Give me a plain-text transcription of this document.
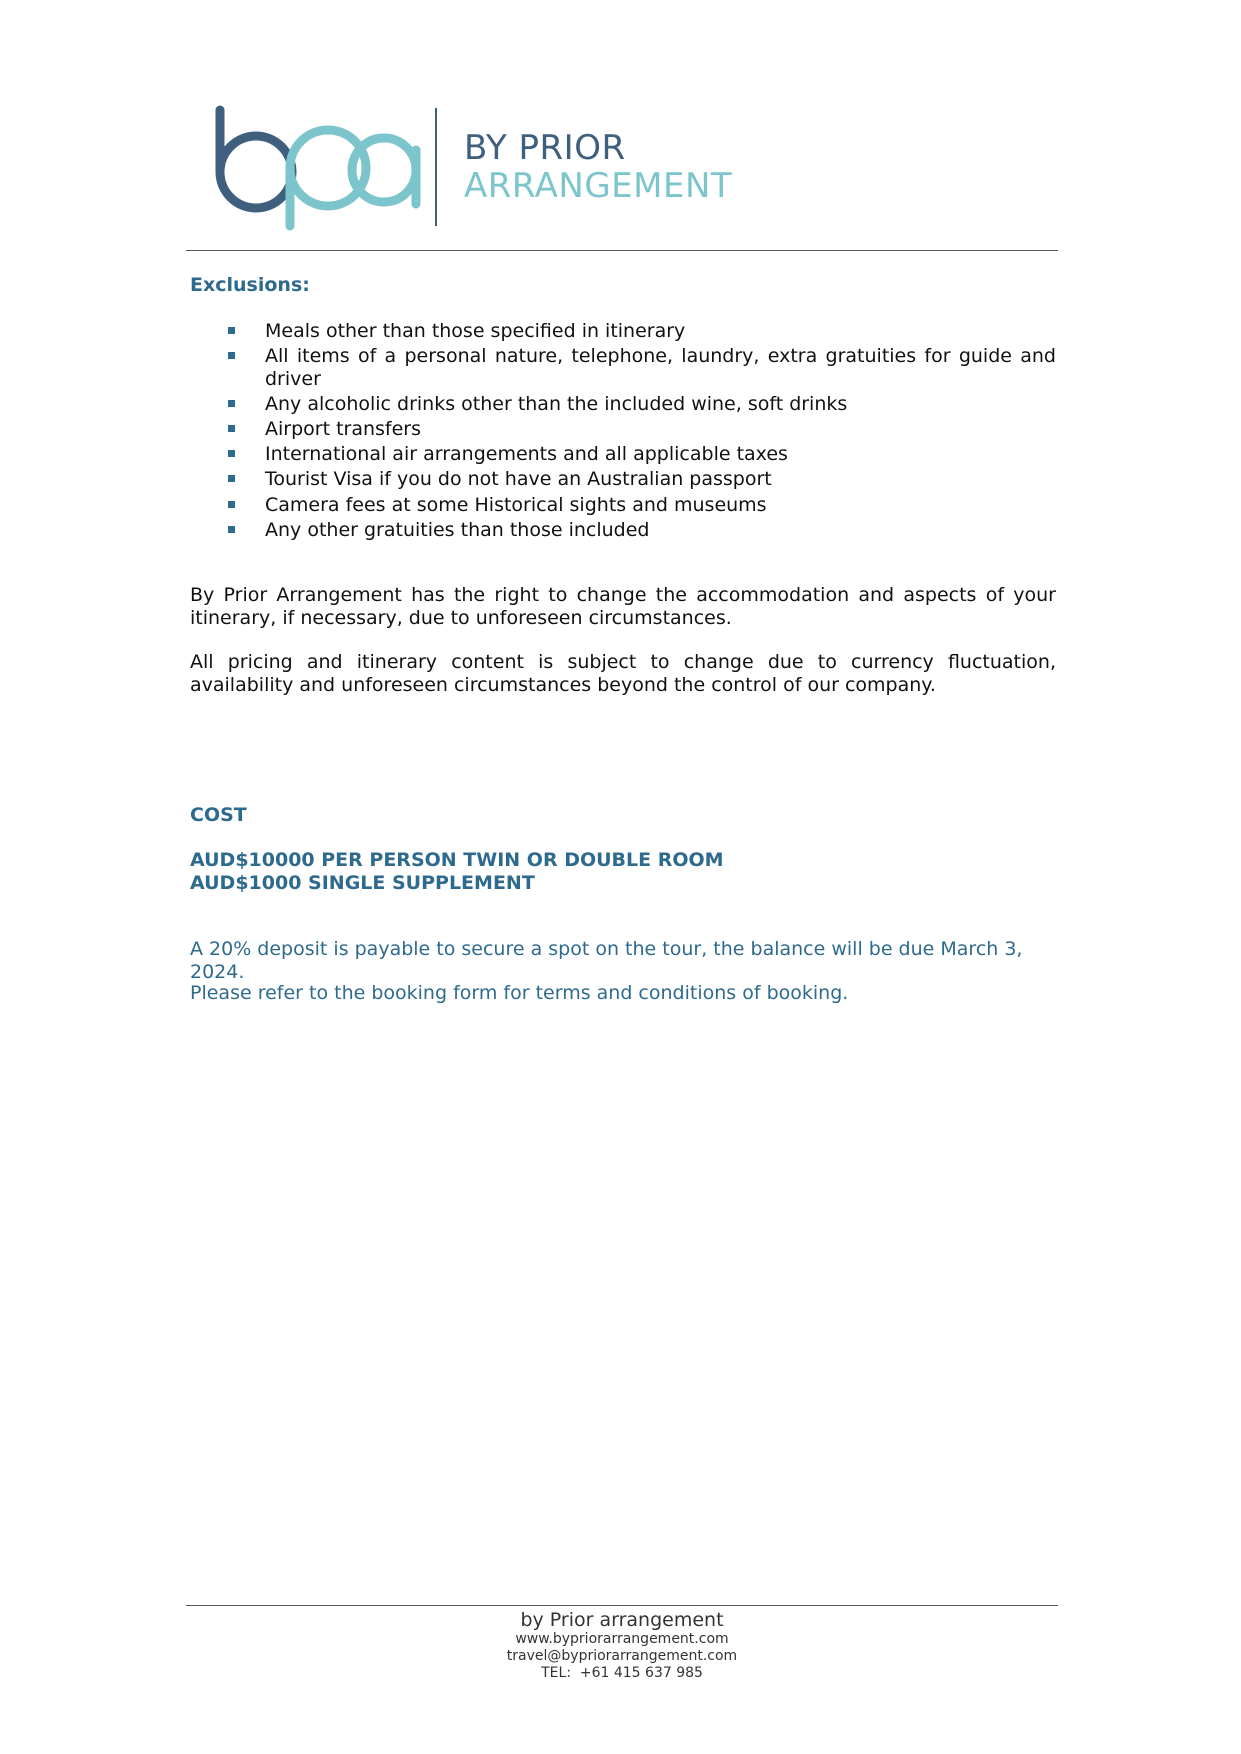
BY PRIOR
ARRANGEMENT
Exclusions:
Meals other than those specified in itinerary
All items of a personal nature, telephone, laundry, extra gratuities for guide and driver
Any alcoholic drinks other than the included wine, soft drinks
Airport transfers
International air arrangements and all applicable taxes
Tourist Visa if you do not have an Australian passport
Camera fees at some Historical sights and museums
Any other gratuities than those included

By Prior Arrangement has the right to change the accommodation and aspects of your itinerary, if necessary, due to unforeseen circumstances.

All pricing and itinerary content is subject to change due to currency fluctuation, availability and unforeseen circumstances beyond the control of our company.

COST
AUD$10000 PER PERSON TWIN OR DOUBLE ROOM
AUD$1000 SINGLE SUPPLEMENT

A 20% deposit is payable to secure a spot on the tour, the balance will be due March 3, 2024.

Please refer to the booking form for terms and conditions of booking.

by Prior arrangement
www.bypriorarrangement.com
travel@bypriorarrangement.com
TEL:  +61 415 637 985
